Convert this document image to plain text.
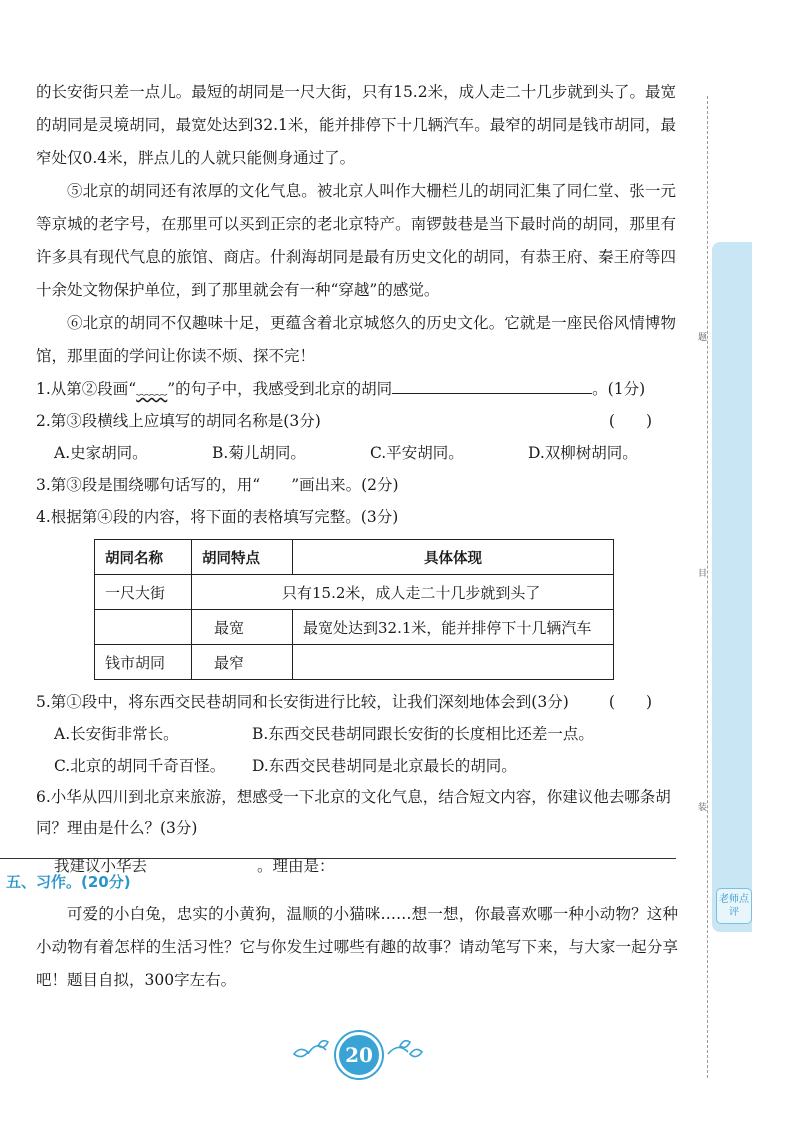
题
目
装
老师点评

的长安街只差一点儿。最短的胡同是一尺大街，只有15.2米，成人走二十几步就到头了。最宽的胡同是灵境胡同，最宽处达到32.1米，能并排停下十几辆汽车。最窄的胡同是钱市胡同，最窄处仅0.4米，胖点儿的人就只能侧身通过了。

⑤北京的胡同还有浓厚的文化气息。被北京人叫作大栅栏儿的胡同汇集了同仁堂、张一元等京城的老字号，在那里可以买到正宗的老北京特产。南锣鼓巷是当下最时尚的胡同，那里有许多具有现代气息的旅馆、商店。什刹海胡同是最有历史文化的胡同，有恭王府、秦王府等四十余处文物保护单位，到了那里就会有一种“穿越”的感觉。

⑥北京的胡同不仅趣味十足，更蕴含着北京城悠久的历史文化。它就是一座民俗风情博物馆，那里面的学问让你读不烦、探不完！

1.从第②段画“﹏﹏”的句子中，我感受到北京的胡同	。(1分)
2.第③段横线上应填写的胡同名称是(3分)	(　　)
A.史家胡同。	B.菊儿胡同。	C.平安胡同。	D.双柳树胡同。
3.第③段是围绕哪句话写的，用“　　”画出来。(2分)
4.根据第④段的内容，将下面的表格填写完整。(3分)
胡同名称	胡同特点	具体体现
一尺大街	只有15.2米，成人走二十几步就到头了	
	最宽	最宽处达到32.1米，能并排停下十几辆汽车
钱市胡同	最窄	
5.第①段中，将东西交民巷胡同和长安街进行比较，让我们深刻地体会到(3分)	(　　)
A.长安街非常长。	B.东西交民巷胡同跟长安街的长度相比还差一点。
C.北京的胡同千奇百怪。	D.东西交民巷胡同是北京最长的胡同。
6.小华从四川到北京来旅游，想感受一下北京的文化气息，结合短文内容，你建议他去哪条胡同？理由是什么？(3分)
我建议小华去	。理由是：
五、习作。(20分)

可爱的小白兔，忠实的小黄狗，温顺的小猫咪……想一想，你最喜欢哪一种小动物？这种小动物有着怎样的生活习性？它与你发生过哪些有趣的故事？请动笔写下来，与大家一起分享吧！题目自拟，300字左右。

20
